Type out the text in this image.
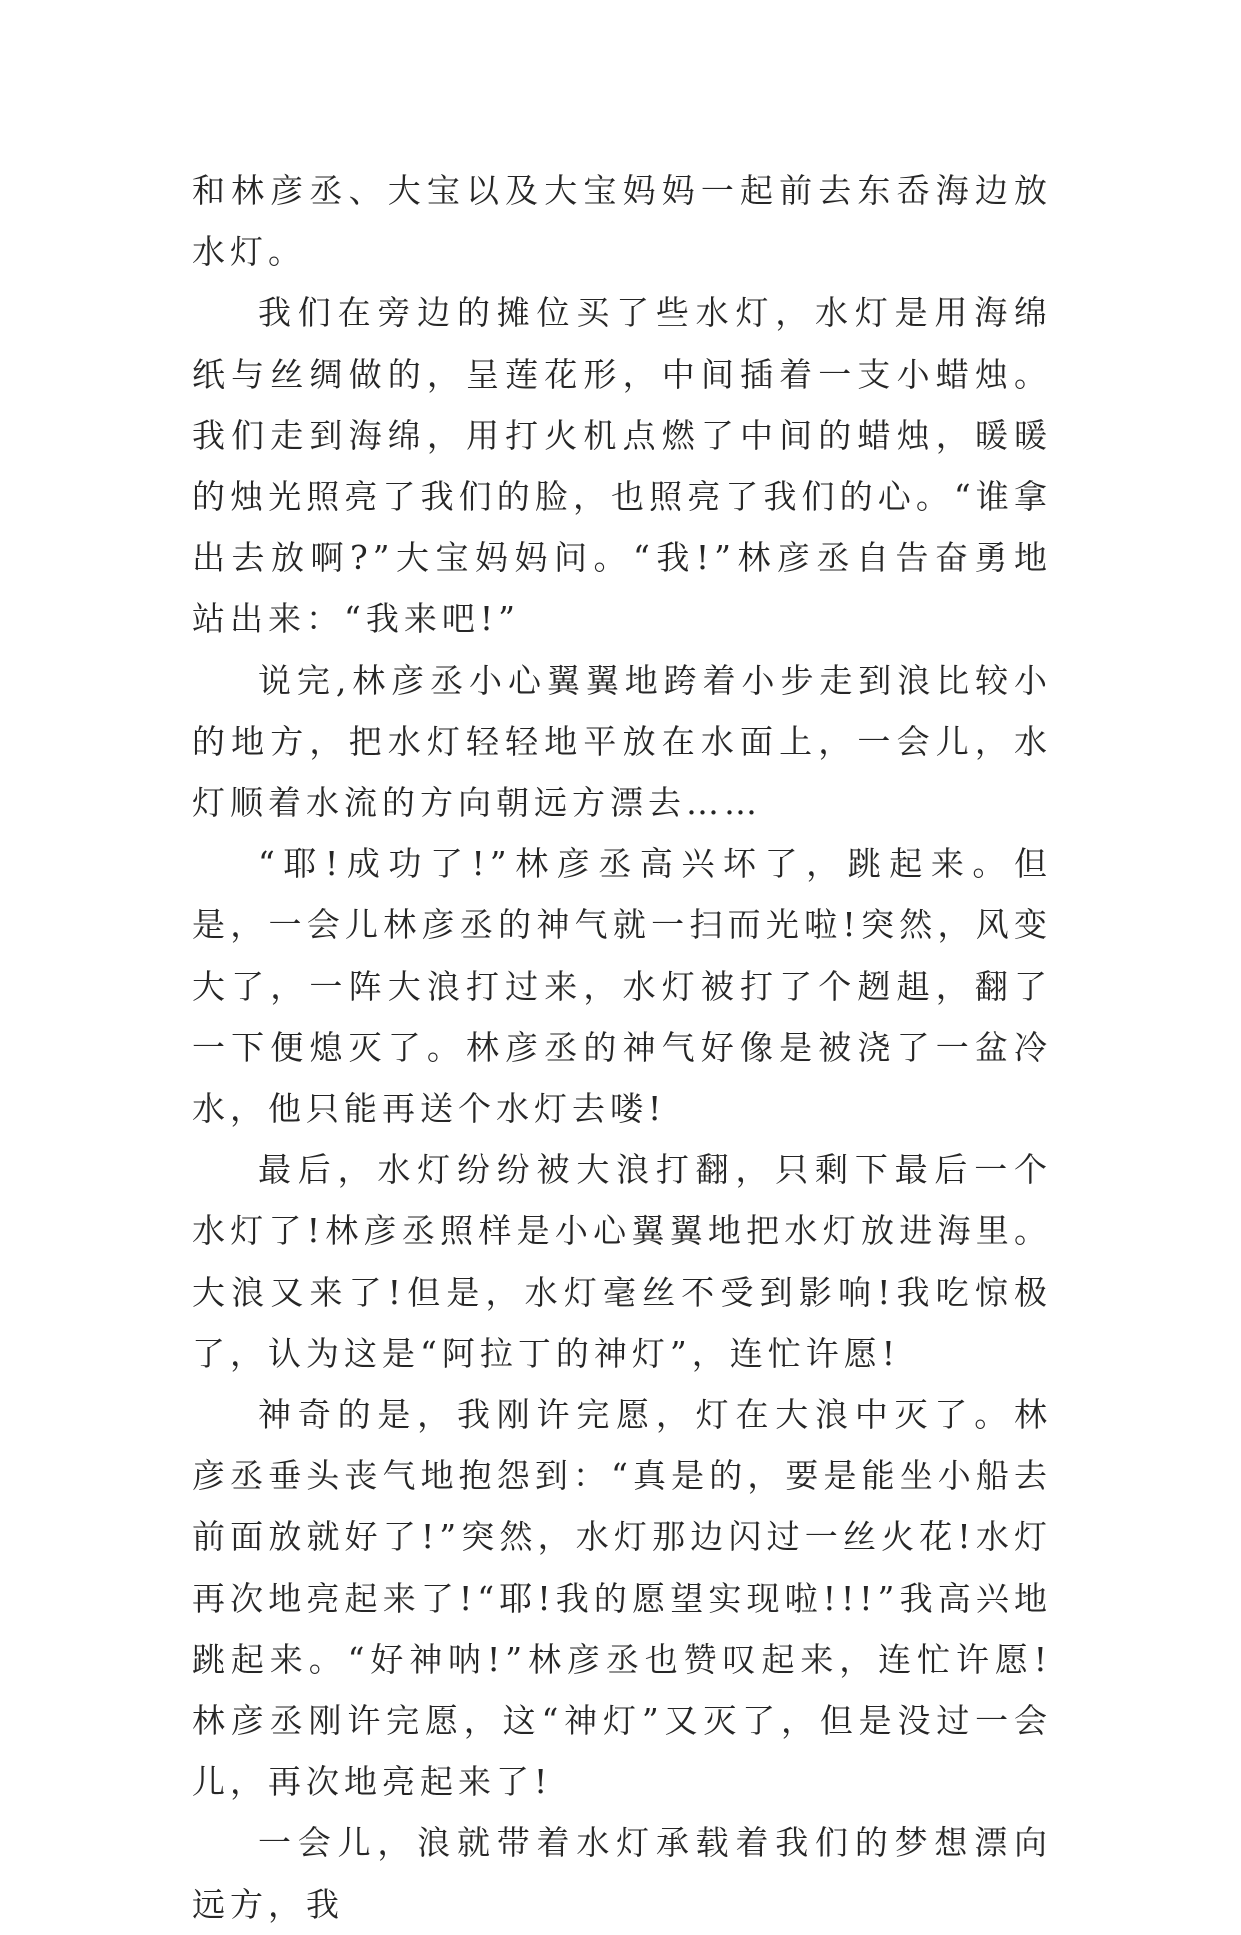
和林彦丞、大宝以及大宝妈妈一起前去东岙海边放水灯。

我们在旁边的摊位买了些水灯，水灯是用海绵纸与丝绸做的，呈莲花形，中间插着一支小蜡烛。我们走到海绵，用打火机点燃了中间的蜡烛，暖暖的烛光照亮了我们的脸，也照亮了我们的心。“谁拿出去放啊?”大宝妈妈问。“我!”林彦丞自告奋勇地站出来：“我来吧!”

说完,林彦丞小心翼翼地跨着小步走到浪比较小的地方，把水灯轻轻地平放在水面上，一会儿，水灯顺着水流的方向朝远方漂去……

“耶!成功了!”林彦丞高兴坏了，跳起来。但是，一会儿林彦丞的神气就一扫而光啦!突然，风变大了，一阵大浪打过来，水灯被打了个趔趄，翻了一下便熄灭了。林彦丞的神气好像是被浇了一盆冷水，他只能再送个水灯去喽!

最后，水灯纷纷被大浪打翻，只剩下最后一个水灯了!林彦丞照样是小心翼翼地把水灯放进海里。大浪又来了!但是，水灯毫丝不受到影响!我吃惊极了，认为这是“阿拉丁的神灯”，连忙许愿!

神奇的是，我刚许完愿，灯在大浪中灭了。林彦丞垂头丧气地抱怨到：“真是的，要是能坐小船去前面放就好了!”突然，水灯那边闪过一丝火花!水灯再次地亮起来了!“耶!我的愿望实现啦!!!”我高兴地跳起来。“好神呐!”林彦丞也赞叹起来，连忙许愿!林彦丞刚许完愿，这“神灯”又灭了，但是没过一会儿，再次地亮起来了!

一会儿，浪就带着水灯承载着我们的梦想漂向远方，我
